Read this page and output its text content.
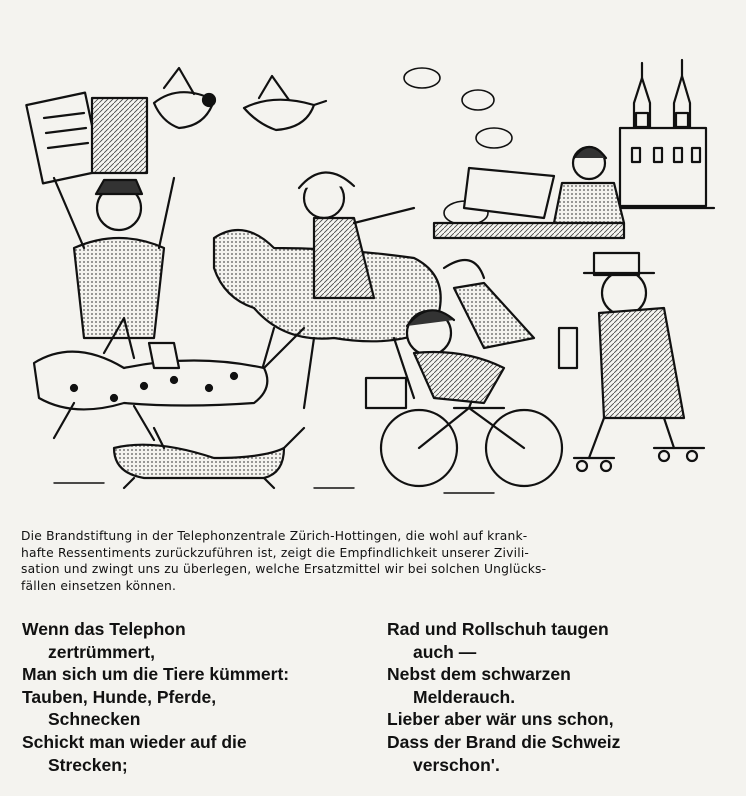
Die Brandstiftung in der Telephonzentrale Zürich-Hottingen, die wohl auf krank-
hafte Ressentiments zurückzuführen ist, zeigt die Empfindlichkeit unserer Zivili-
sation und zwingt uns zu überlegen, welche Ersatzmittel wir bei solchen Unglücks-
fällen einsetzen können.
Wenn das Telephon
zertrümmert,
Man sich um die Tiere kümmert:
Tauben, Hunde, Pferde,
Schnecken
Schickt man wieder auf die
Strecken;
Rad und Rollschuh taugen
auch —
Nebst dem schwarzen
Melderauch.
Lieber aber wär uns schon,
Dass der Brand die Schweiz
verschon'.
